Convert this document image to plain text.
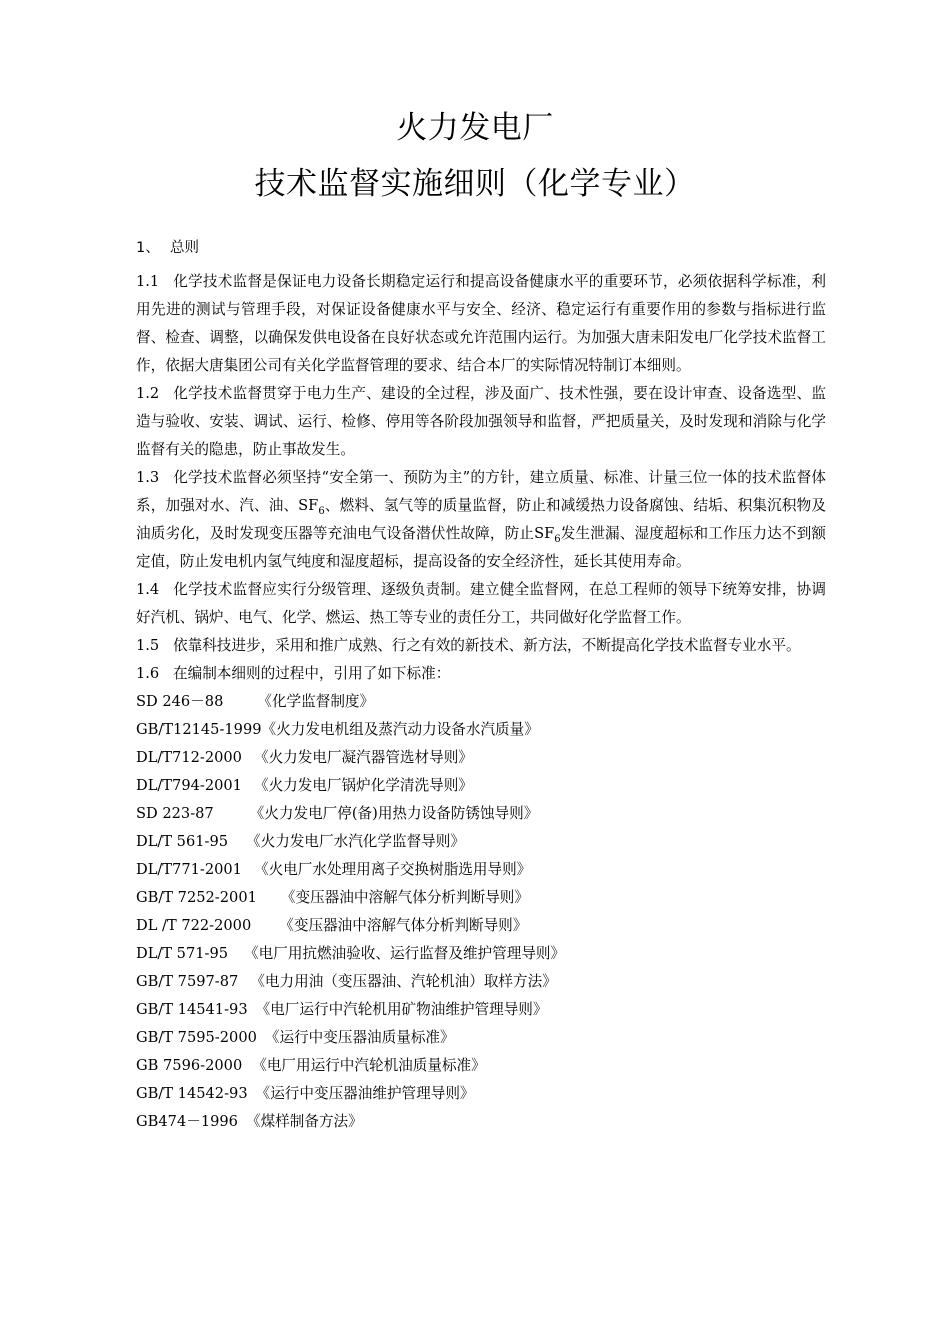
火力发电厂
技术监督实施细则（化学专业）
1、 总则

1.1 化学技术监督是保证电力设备长期稳定运行和提高设备健康水平的重要环节，必须依据科学标准，利用先进的测试与管理手段，对保证设备健康水平与安全、经济、稳定运行有重要作用的参数与指标进行监督、检查、调整，以确保发供电设备在良好状态或允许范围内运行。为加强大唐耒阳发电厂化学技术监督工作，依据大唐集团公司有关化学监督管理的要求、结合本厂的实际情况特制订本细则。

1.2 化学技术监督贯穿于电力生产、建设的全过程，涉及面广、技术性强，要在设计审查、设备选型、监造与验收、安装、调试、运行、检修、停用等各阶段加强领导和监督，严把质量关，及时发现和消除与化学监督有关的隐患，防止事故发生。

1.3 化学技术监督必须坚持“安全第一、预防为主”的方针，建立质量、标准、计量三位一体的技术监督体系，加强对水、汽、油、$SF_6$、燃料、氢气等的质量监督，防止和减缓热力设备腐蚀、结垢、积集沉积物及油质劣化，及时发现变压器等充油电气设备潜伏性故障，防止$SF_6$发生泄漏、湿度超标和工作压力达不到额定值，防止发电机内氢气纯度和湿度超标，提高设备的安全经济性，延长其使用寿命。

1.4 化学技术监督应实行分级管理、逐级负责制。建立健全监督网，在总工程师的领导下统筹安排，协调好汽机、锅炉、电气、化学、燃运、热工等专业的责任分工，共同做好化学监督工作。

1.5 依靠科技进步，采用和推广成熟、行之有效的新技术、新方法，不断提高化学技术监督专业水平。

1.6 在编制本细则的过程中，引用了如下标准：

SD 246－88 《化学监督制度》
GB/T12145-1999《火力发电机组及蒸汽动力设备水汽质量》
DL/T712-2000 《火力发电厂凝汽器管选材导则》
DL/T794-2001 《火力发电厂锅炉化学清洗导则》
SD 223-87 《火力发电厂停(备)用热力设备防锈蚀导则》
DL/T 561-95 《火力发电厂水汽化学监督导则》
DL/T771-2001 《火电厂水处理用离子交换树脂选用导则》
GB/T 7252-2001 《变压器油中溶解气体分析判断导则》
DL /T 722-2000 《变压器油中溶解气体分析判断导则》
DL/T 571-95 《电厂用抗燃油验收、运行监督及维护管理导则》
GB/T 7597-87 《电力用油（变压器油、汽轮机油）取样方法》
GB/T 14541-93 《电厂运行中汽轮机用矿物油维护管理导则》
GB/T 7595-2000 《运行中变压器油质量标准》
GB 7596-2000 《电厂用运行中汽轮机油质量标准》
GB/T 14542-93 《运行中变压器油维护管理导则》
GB474－1996 《煤样制备方法》
